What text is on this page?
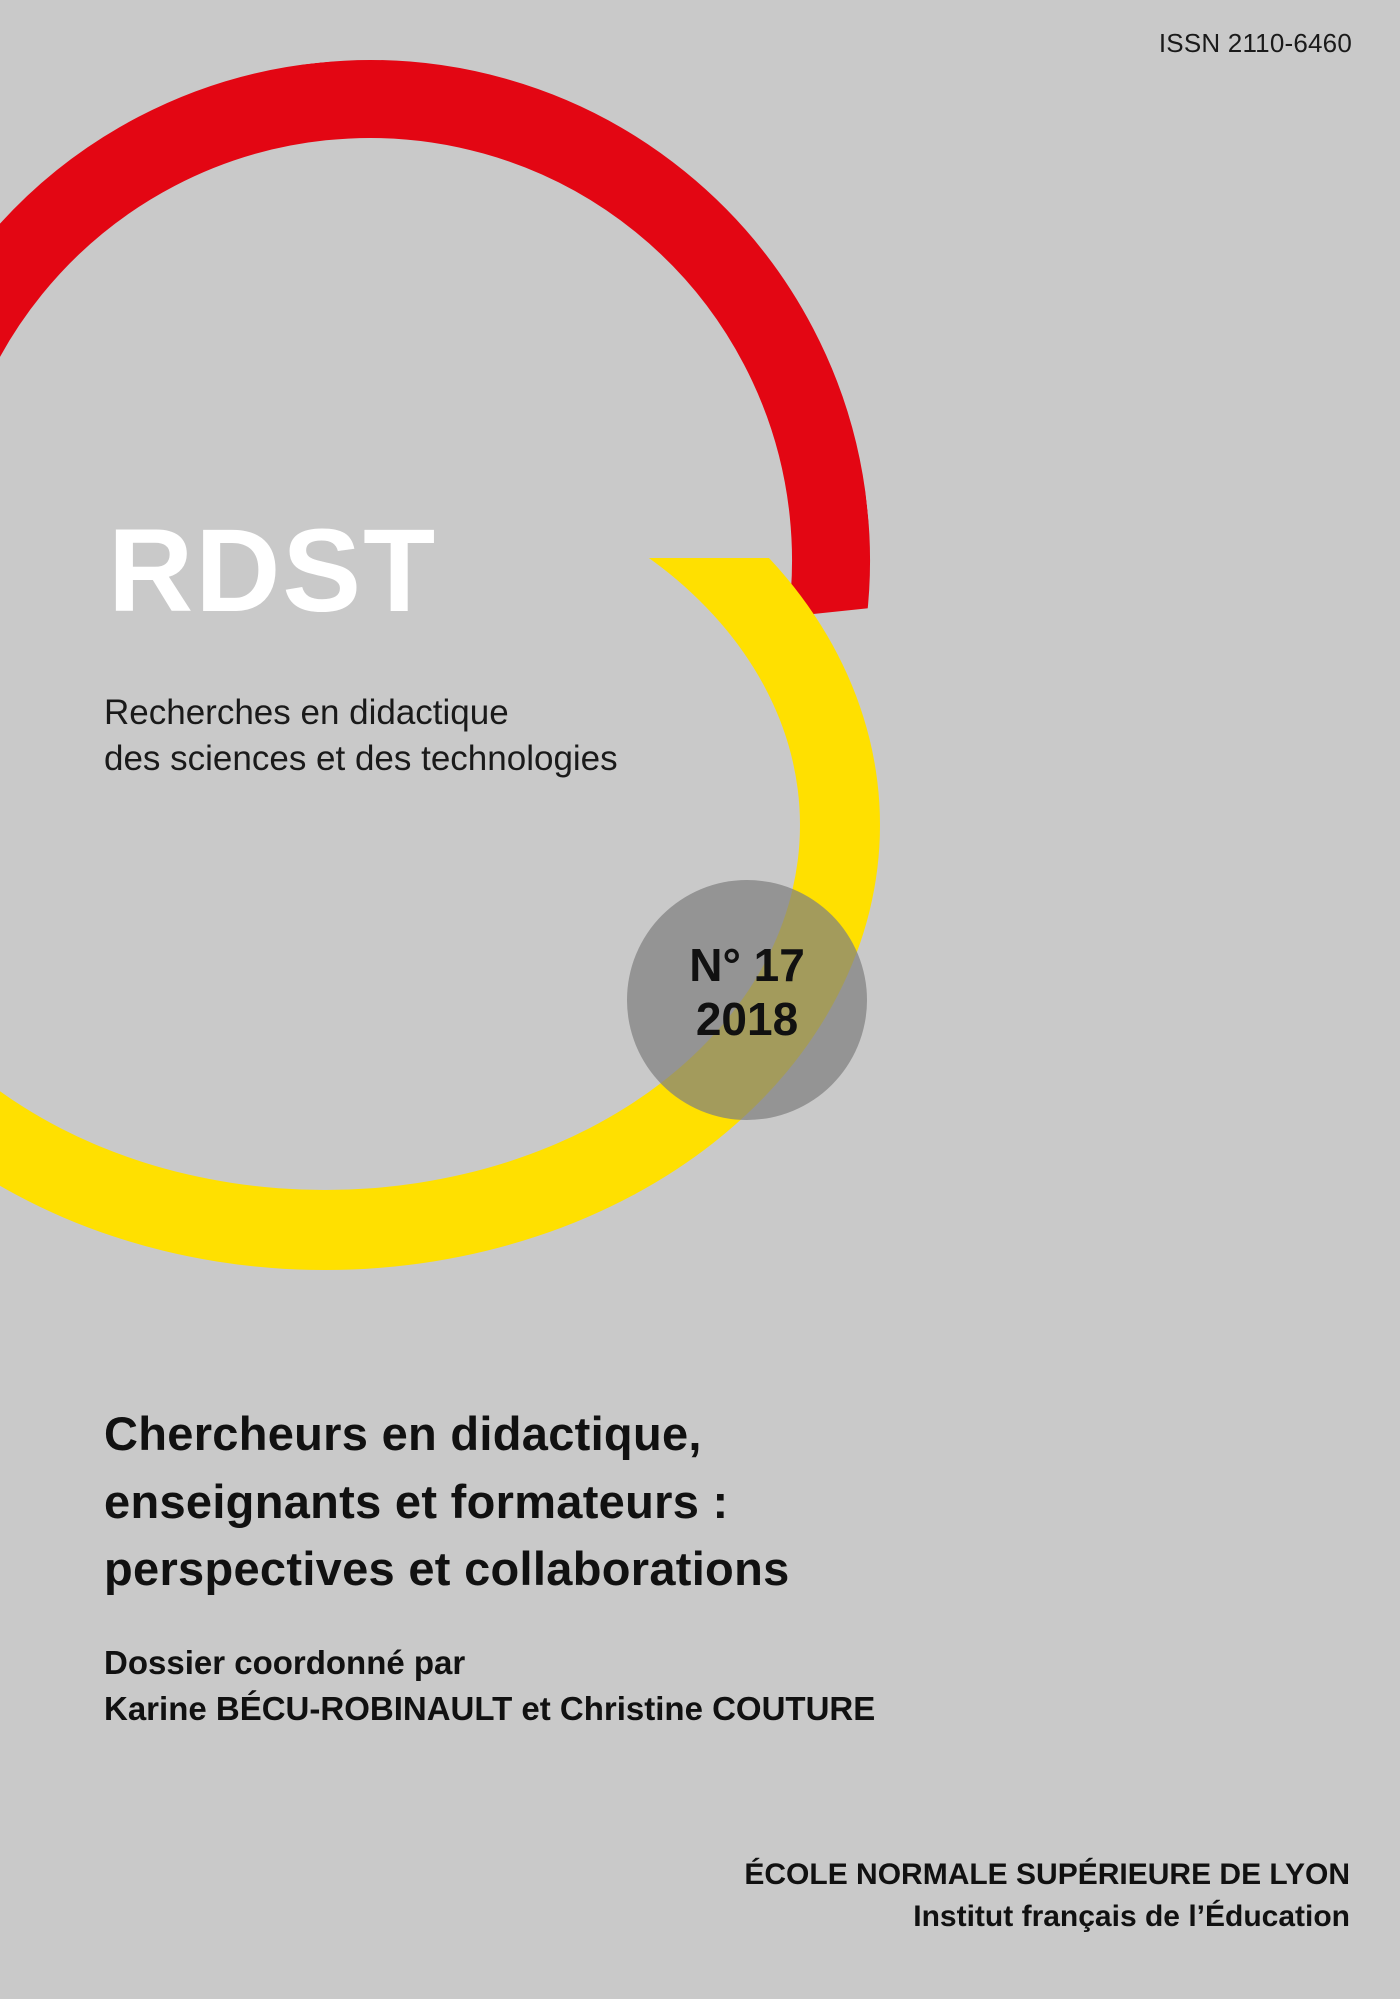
ISSN 2110-6460
N° 17
2018
RDST
Recherches en didactique
des sciences et des technologies
Chercheurs en didactique,
enseignants et formateurs :
perspectives et collaborations
Dossier coordonné par
Karine BÉCU-ROBINAULT et Christine COUTURE
ÉCOLE NORMALE SUPÉRIEURE DE LYON
Institut français de l’Éducation
